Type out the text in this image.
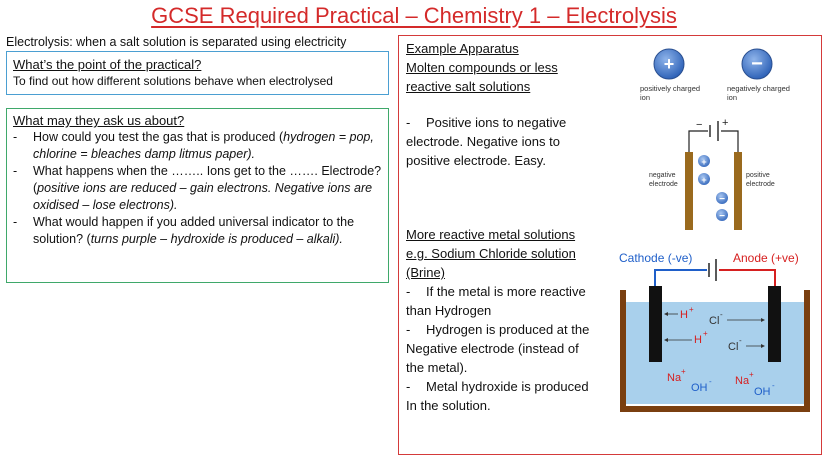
GCSE Required Practical – Chemistry 1 – Electrolysis
Electrolysis: when a salt solution is separated using electricity
What’s the point of the practical?
To find out how different solutions behave when electrolysed
What may they ask us about?
-	How could you test the gas that is produced (hydrogen = pop, chlorine = bleaches damp litmus paper).
-	What happens when the …….. Ions get to the ……. Electrode? (positive ions are reduced – gain electrons. Negative ions are oxidised – lose electrons).
-	What would happen if you added universal indicator to the solution? (turns purple – hydroxide is produced – alkali).
Example Apparatus
Molten compounds or less
reactive salt solutions
- Positive ions to negative
electrode. Negative ions to
positive electrode. Easy.
More reactive metal solutions
e.g. Sodium Chloride solution
(Brine)
- If the metal is more reactive
than Hydrogen
- Hydrogen is produced at the
Negative electrode (instead of
the metal).
- Metal hydroxide is produced
In the solution.
+	−
positively charged
ion
negatively charged
ion
− +
negative
electrode
positive
electrode
+
+
−
−
Cathode (-ve)	Anode (+ve)
H +
H
+
Cl
-
Cl
-
Na
+
Na
+
OH
-
OH
-
